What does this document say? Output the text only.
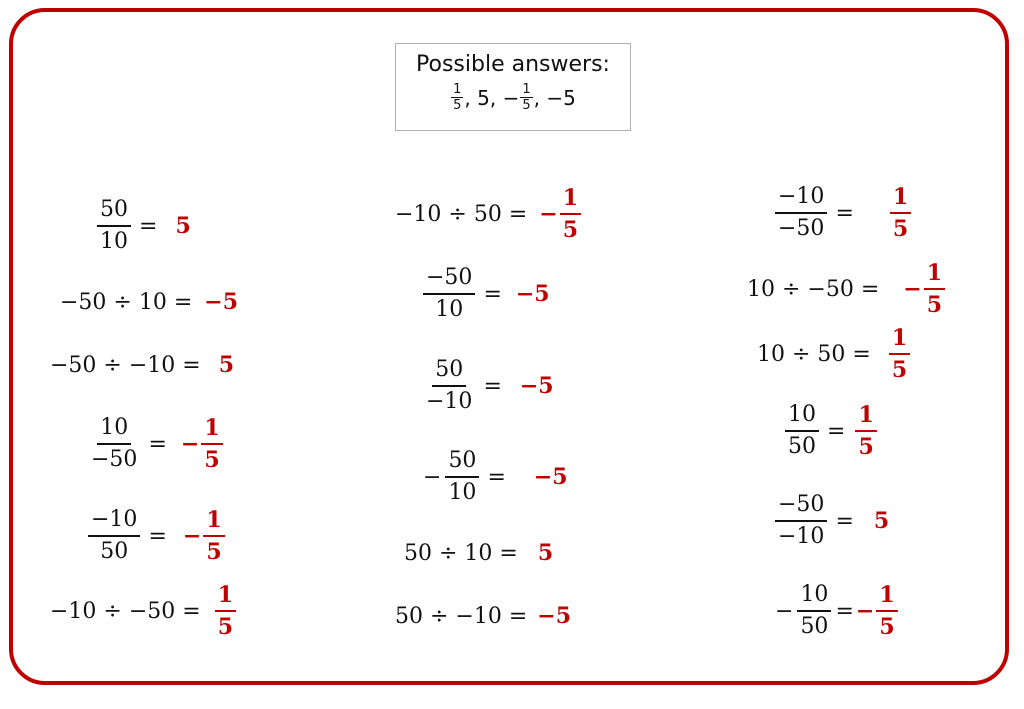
Possible answers:
$\frac{1}{5}$ , 5 , − $\frac{1}{5}$ , −5
$\frac{50}{10} = 5$
−50 ÷ 10 = −5
−50 ÷ −10 = 5
$\frac{10}{-50}$ = − $\frac{1}{5}$
$\frac{-10}{50}$ = − $\frac{1}{5}$
$-10 \div -50 = \frac{1}{5}$
−10 ÷ 50 = − $\frac{1}{5}$
$\frac{-50}{10} = -5$
$\frac{50}{-10} = -5$
− $\frac{50}{10} = -5$
50 ÷ 10 = 5
50 ÷ −10 = −5
$\frac{-10}{-50} = \frac{1}{5}$
10 ÷ −50 = − $\frac{1}{5}$
$10 \div 50 = \frac{1}{5}$
$\frac{10}{50} = \frac{1}{5}$
$\frac{-50}{-10} = 5$
− $\frac{10}{50}$ = − $\frac{1}{5}$
